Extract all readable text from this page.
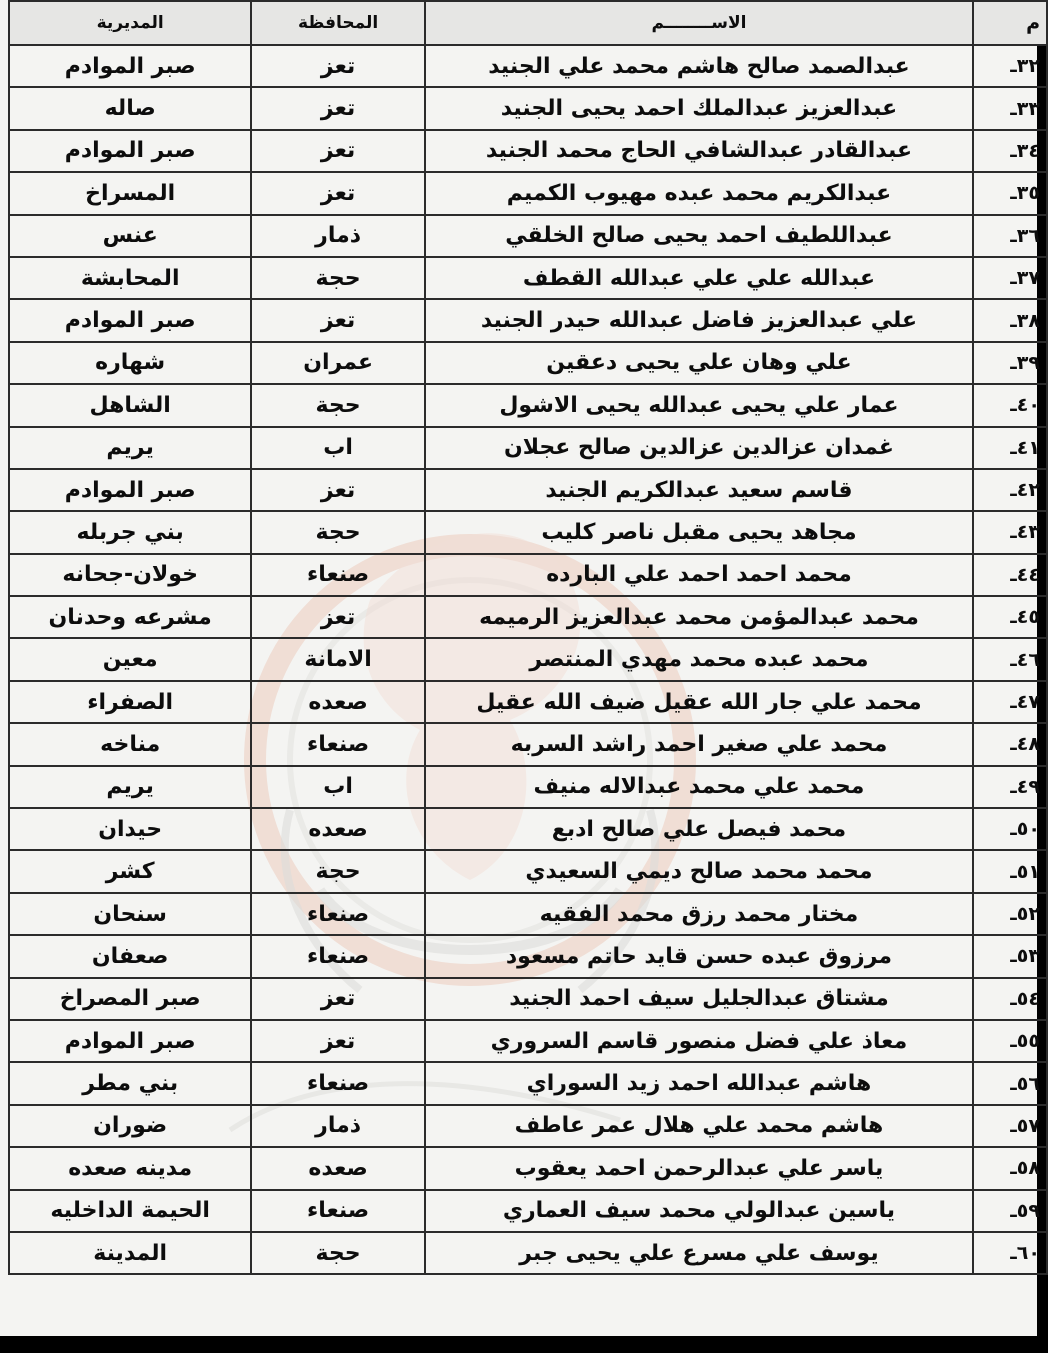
م	الاســــــــم	المحافظة	المديرية
٣٢ـ	عبدالصمد صالح هاشم محمد علي الجنيد	تعز	صبر الموادم
٣٣ـ	عبدالعزيز عبدالملك احمد يحيى الجنيد	تعز	صاله
٣٤ـ	عبدالقادر عبدالشافي الحاج محمد الجنيد	تعز	صبر الموادم
٣٥ـ	عبدالكريم محمد عبده مهيوب الكميم	تعز	المسراخ
٣٦ـ	عبداللطيف احمد يحيى صالح الخلقي	ذمار	عنس
٣٧ـ	عبدالله علي علي عبدالله القطف	حجة	المحابشة
٣٨ـ	علي عبدالعزيز فاضل عبدالله حيدر الجنيد	تعز	صبر الموادم
٣٩ـ	علي وهان علي يحيى دعقين	عمران	شهاره
٤٠ـ	عمار علي يحيى عبدالله يحيى الاشول	حجة	الشاهل
٤١ـ	غمدان عزالدين عزالدين صالح عجلان	اب	يريم
٤٢ـ	قاسم سعيد عبدالكريم الجنيد	تعز	صبر الموادم
٤٣ـ	مجاهد يحيى مقبل ناصر كليب	حجة	بني جربله
٤٤ـ	محمد احمد احمد علي البارده	صنعاء	خولان-جحانه
٤٥ـ	محمد عبدالمؤمن محمد عبدالعزيز الرميمه	تعز	مشرعه وحدنان
٤٦ـ	محمد عبده محمد مهدي المنتصر	الامانة	معين
٤٧ـ	محمد علي جار الله عقيل ضيف الله عقيل	صعده	الصفراء
٤٨ـ	محمد علي صغير احمد راشد السربه	صنعاء	مناخه
٤٩ـ	محمد علي محمد عبدالاله منيف	اب	يريم
٥٠ـ	محمد فيصل علي صالح ادبع	صعده	حيدان
٥١ـ	محمد محمد صالح ديمي السعيدي	حجة	كشر
٥٢ـ	مختار محمد رزق محمد الفقيه	صنعاء	سنحان
٥٣ـ	مرزوق عبده حسن قايد حاتم مسعود	صنعاء	صعفان
٥٤ـ	مشتاق عبدالجليل سيف احمد الجنيد	تعز	صبر المصراخ
٥٥ـ	معاذ علي فضل منصور قاسم السروري	تعز	صبر الموادم
٥٦ـ	هاشم عبدالله احمد زيد السوراي	صنعاء	بني مطر
٥٧ـ	هاشم محمد علي هلال عمر عاطف	ذمار	ضوران
٥٨ـ	ياسر علي عبدالرحمن احمد يعقوب	صعده	مدينه صعده
٥٩ـ	ياسين عبدالولي محمد سيف العماري	صنعاء	الحيمة الداخليه
٦٠ـ	يوسف علي مسرع علي يحيى جبر	حجة	المدينة
